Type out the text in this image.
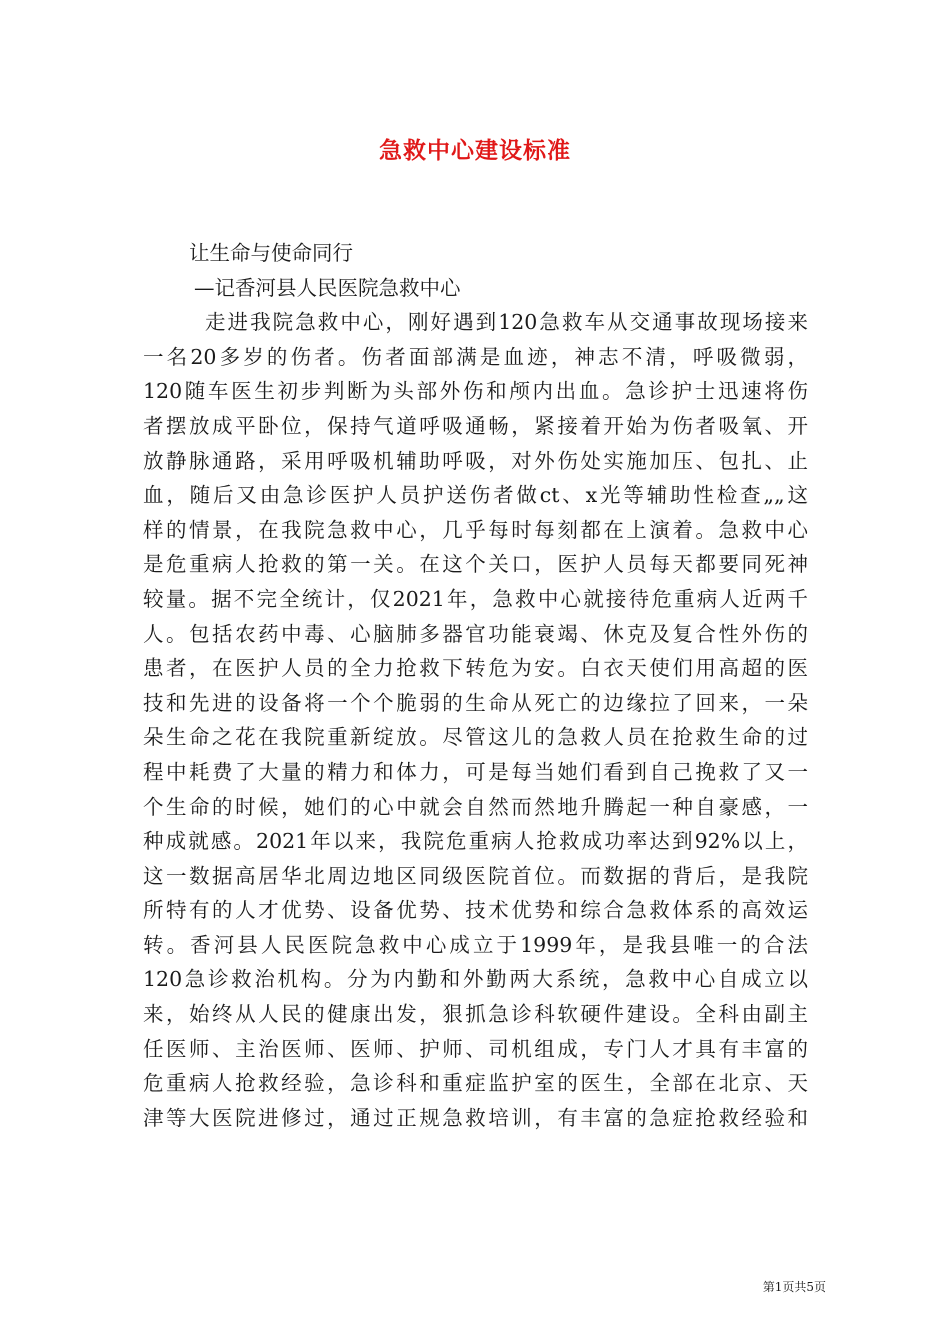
急救中心建设标准
让生命与使命同行
—记香河县人民医院急救中心
走进我院急救中心，刚好遇到120急救车从交通事故现场接来
一名20多岁的伤者。伤者面部满是血迹，神志不清，呼吸微弱，
120随车医生初步判断为头部外伤和颅内出血。急诊护士迅速将伤
者摆放成平卧位，保持气道呼吸通畅，紧接着开始为伤者吸氧、开
放静脉通路，采用呼吸机辅助呼吸，对外伤处实施加压、包扎、止
血，随后又由急诊医护人员护送伤者做ct、x光等辅助性检查„„这
样的情景，在我院急救中心，几乎每时每刻都在上演着。急救中心
是危重病人抢救的第一关。在这个关口，医护人员每天都要同死神
较量。据不完全统计，仅2021年，急救中心就接待危重病人近两千
人。包括农药中毒、心脑肺多器官功能衰竭、休克及复合性外伤的
患者，在医护人员的全力抢救下转危为安。白衣天使们用高超的医
技和先进的设备将一个个脆弱的生命从死亡的边缘拉了回来，一朵
朵生命之花在我院重新绽放。尽管这儿的急救人员在抢救生命的过
程中耗费了大量的精力和体力，可是每当她们看到自己挽救了又一
个生命的时候，她们的心中就会自然而然地升腾起一种自豪感，一
种成就感。2021年以来，我院危重病人抢救成功率达到92%以上，
这一数据高居华北周边地区同级医院首位。而数据的背后，是我院
所特有的人才优势、设备优势、技术优势和综合急救体系的高效运
转。香河县人民医院急救中心成立于1999年，是我县唯一的合法
120急诊救治机构。分为内勤和外勤两大系统，急救中心自成立以
来，始终从人民的健康出发，狠抓急诊科软硬件建设。全科由副主
任医师、主治医师、医师、护师、司机组成，专门人才具有丰富的
危重病人抢救经验，急诊科和重症监护室的医生，全部在北京、天
津等大医院进修过，通过正规急救培训，有丰富的急症抢救经验和
第1页共5页
